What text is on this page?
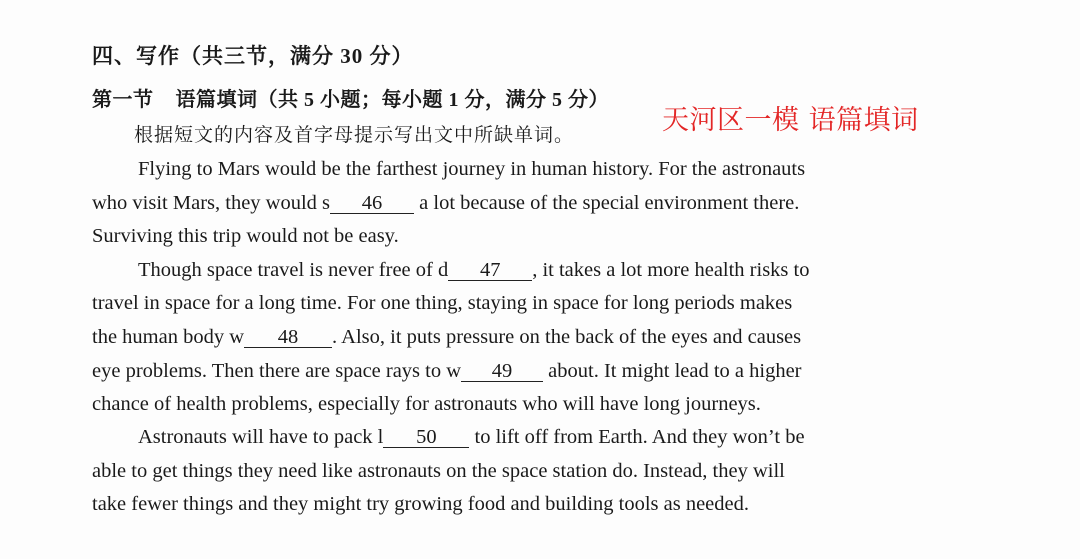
四、写作（共三节，满分 30 分）
第一节 语篇填词（共 5 小题；每小题 1 分，满分 5 分）
根据短文的内容及首字母提示写出文中所缺单词。	天河区一模 语篇填词
Flying to Mars would be the farthest journey in human history. For the astronauts
who visit Mars, they would s 46 a lot because of the special environment there.
Surviving this trip would not be easy.
Though space travel is never free of d 47 , it takes a lot more health risks to
travel in space for a long time. For one thing, staying in space for long periods makes
the human body w 48 . Also, it puts pressure on the back of the eyes and causes
eye problems. Then there are space rays to w 49 about. It might lead to a higher
chance of health problems, especially for astronauts who will have long journeys.
Astronauts will have to pack l 50 to lift off from Earth. And they won’t be
able to get things they need like astronauts on the space station do. Instead, they will
take fewer things and they might try growing food and building tools as needed.
